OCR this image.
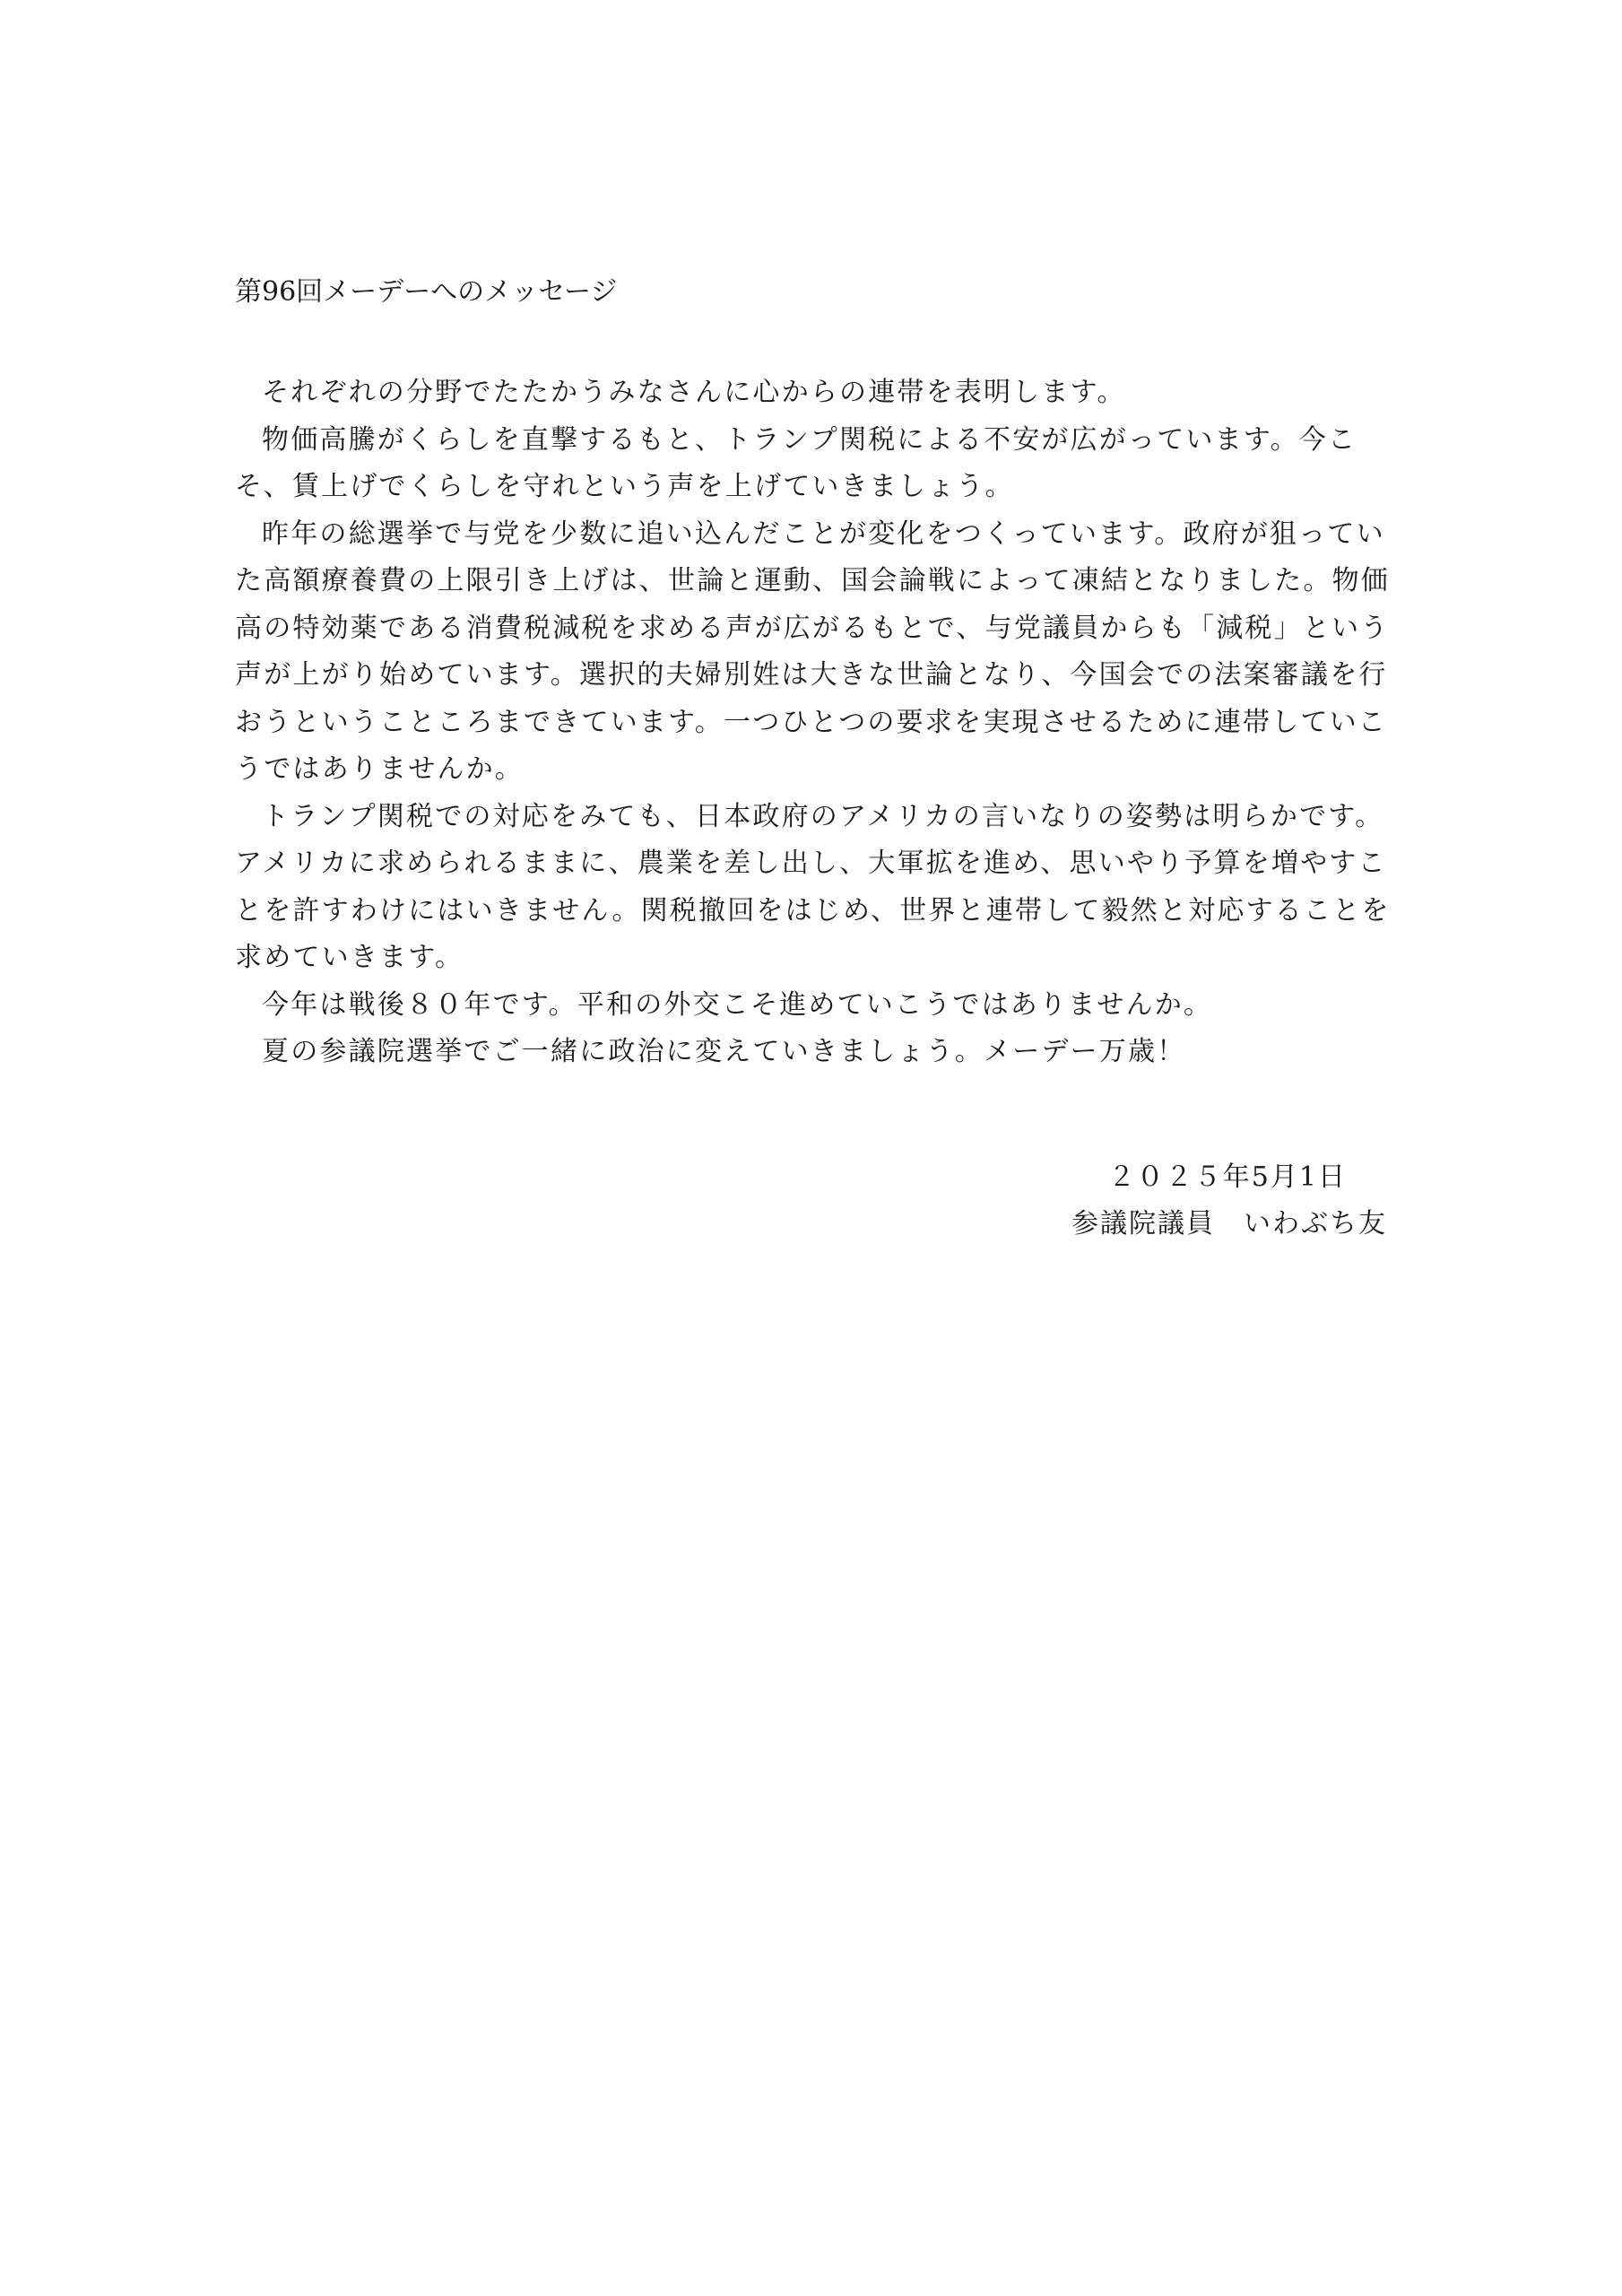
第96回メーデーへのメッセージ
それぞれの分野でたたかうみなさんに心からの連帯を表明します。
物価高騰がくらしを直撃するもと、トランプ関税による不安が広がっています。今こ
そ、賃上げでくらしを守れという声を上げていきましょう。
昨年の総選挙で与党を少数に追い込んだことが変化をつくっています。政府が狙ってい
た高額療養費の上限引き上げは、世論と運動、国会論戦によって凍結となりました。物価
高の特効薬である消費税減税を求める声が広がるもとで、与党議員からも「減税」という
声が上がり始めています。選択的夫婦別姓は大きな世論となり、今国会での法案審議を行
おうということころまできています。一つひとつの要求を実現させるために連帯していこ
うではありませんか。
トランプ関税での対応をみても、日本政府のアメリカの言いなりの姿勢は明らかです。
アメリカに求められるままに、農業を差し出し、大軍拡を進め、思いやり予算を増やすこ
とを許すわけにはいきません。関税撤回をはじめ、世界と連帯して毅然と対応することを
求めていきます。
今年は戦後８０年です。平和の外交こそ進めていこうではありませんか。
夏の参議院選挙でご一緒に政治に変えていきましょう。メーデー万歳！
２０２５年5月1日
参議院議員　いわぶち友
